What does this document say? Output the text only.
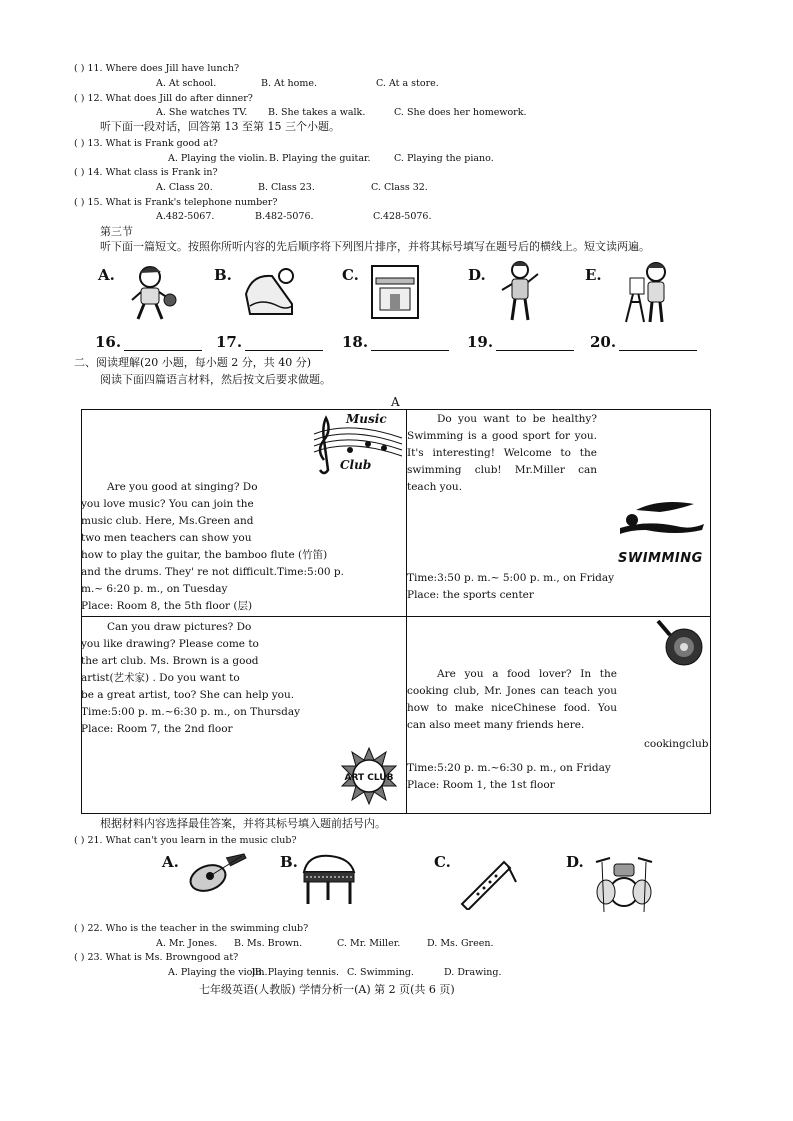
( ) 11. Where does Jill have lunch?
A. At school.	B. At home.	C. At a store.
( ) 12. What does Jill do after dinner?
A. She watches TV. B. She takes a walk.	C. She does her homework.
听下面一段对话，回答第 13 至第 15 三个小题。
( ) 13. What is Frank good at?
A. Playing the violin. B. Playing the guitar. C. Playing the piano.
( ) 14. What class is Frank in?
A. Class 20.	B. Class 23.	C. Class 32.
( ) 15. What is Frank's telephone number?
A.482-5067.	B.482-5076.	C.428-5076.
第三节
听下面一篇短文。按照你所听内容的先后顺序将下列图片排序，并将其标号填写在题号后的横线上。短文读两遍。
A.	B.	C.	D.	E.
16.	17.	18.	19.	20.
二、阅读理解(20 小题，每小题 2 分，共 40 分)
阅读下面四篇语言材料，然后按文后要求做题。
A
Music
Club
Are you good at singing? Do
you love music? You can join the
music club. Here, Ms.Green and
two men teachers can show you
how to play the guitar, the bamboo flute (竹笛)
and the drums. They' re not difficult.Time:5:00 p.
m.~ 6:20 p. m., on Tuesday
Place: Room 8, the 5th floor (层)
Do you want to be healthy?Swimming is a good sport for you. It's interesting! Welcome to the swimming club! Mr.Miller can teach you.
SWIMMING
Time:3:50 p. m.~ 5:00 p. m., on Friday
Place: the sports center
Can you draw pictures? Do
you like drawing? Please come to
the art club. Ms. Brown is a good
artist(艺术家) . Do you want to
be a great artist, too? She can help you.
Time:5:00 p. m.~6:30 p. m., on Thursday
Place: Room 7, the 2nd floor
ART CLUB
Are you a food lover? In the cooking club, Mr. Jones can teach you how to make niceChinese food. You can also meet many friends here.
cookingclub
Time:5:20 p. m.~6:30 p. m., on Friday
Place: Room 1, the 1st floor
根据材料内容选择最佳答案，并将其标号填入题前括号内。
( ) 21. What can't you learn in the music club?
A.	B.	C.	D.
( ) 22. Who is the teacher in the swimming club?
A. Mr. Jones. B. Ms. Brown.	C. Mr. Miller.	D. Ms. Green.
( ) 23. What is Ms. Browngood at?
A. Playing the violin.
]B. Playing tennis. C. Swimming.	D. Drawing.
七年级英语(人教版) 学情分析一(A) 第 2 页(共 6 页)
